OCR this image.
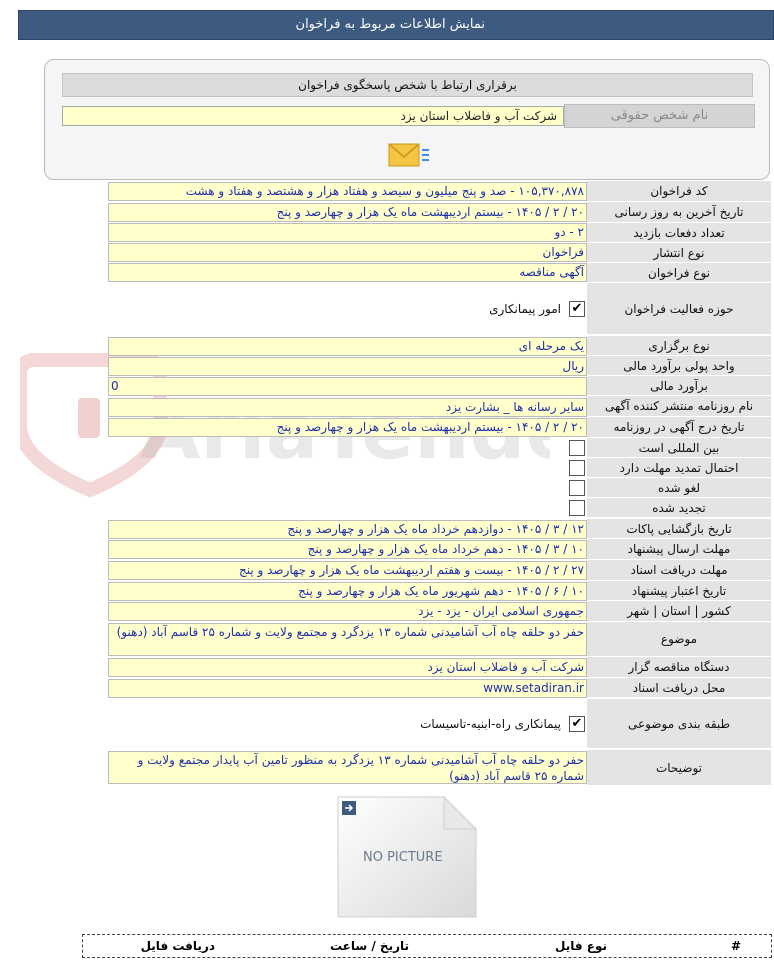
نمایش اطلاعات مربوط به فراخوان
برقراری ارتباط با شخص پاسخگوی فراخوان
نام شخص حقوقی
شرکت آب و فاضلاب استان یزد
کد فراخوان
۱۰۵,۳۷۰,۸۷۸ - صد و پنج میلیون و سیصد و هفتاد هزار و هشتصد و هفتاد و هشت
تاریخ آخرین به روز رسانی
۲۰ / ۲ / ۱۴۰۵ - بیستم اردیبهشت ماه یک هزار و چهارصد و پنج
تعداد دفعات بازدید
۲ - دو
نوع انتشار
فراخوان
نوع فراخوان
آگهی مناقصه
حوزه فعالیت فراخوان
✔
امور پیمانکاری
نوع برگزاری
یک مرحله ای
واحد پولی برآورد مالی
ریال
برآورد مالی
0
نام روزنامه منتشر کننده آگهی
سایر رسانه ها _ بشارت یزد
تاریخ درج آگهی در روزنامه
۲۰ / ۲ / ۱۴۰۵ - بیستم اردیبهشت ماه یک هزار و چهارصد و پنج
بین المللی است
احتمال تمدید مهلت دارد
لغو شده
تجدید شده
تاریخ بازگشایی پاکات
۱۲ / ۳ / ۱۴۰۵ - دوازدهم خرداد ماه یک هزار و چهارصد و پنج
مهلت ارسال پیشنهاد
۱۰ / ۳ / ۱۴۰۵ - دهم خرداد ماه یک هزار و چهارصد و پنج
مهلت دریافت اسناد
۲۷ / ۲ / ۱۴۰۵ - بیست و هفتم اردیبهشت ماه یک هزار و چهارصد و پنج
تاریخ اعتبار پیشنهاد
۱۰ / ۶ / ۱۴۰۵ - دهم شهریور ماه یک هزار و چهارصد و پنج
کشور | استان | شهر
جمهوری اسلامی ایران - یزد - یزد
موضوع
حفر دو حلقه چاه آب آشامیدنی شماره ۱۳ یزدگرد و مجتمع ولایت و شماره ۲۵ قاسم آباد (دهنو)
دستگاه مناقصه گزار
شرکت آب و فاضلاب استان یزد
محل دریافت اسناد
www.setadiran.ir
طبقه بندی موضوعی
✔
پیمانکاری راه-ابنیه-تاسیسات
توضیحات
حفر دو حلقه چاه آب آشامیدنی شماره ۱۳ یزدگرد به منظور تامین آب پایدار مجتمع ولایت و شماره ۲۵ قاسم آباد (دهنو)
NO PICTURE
#
نوع فایل
تاریخ / ساعت
دریافت فایل
